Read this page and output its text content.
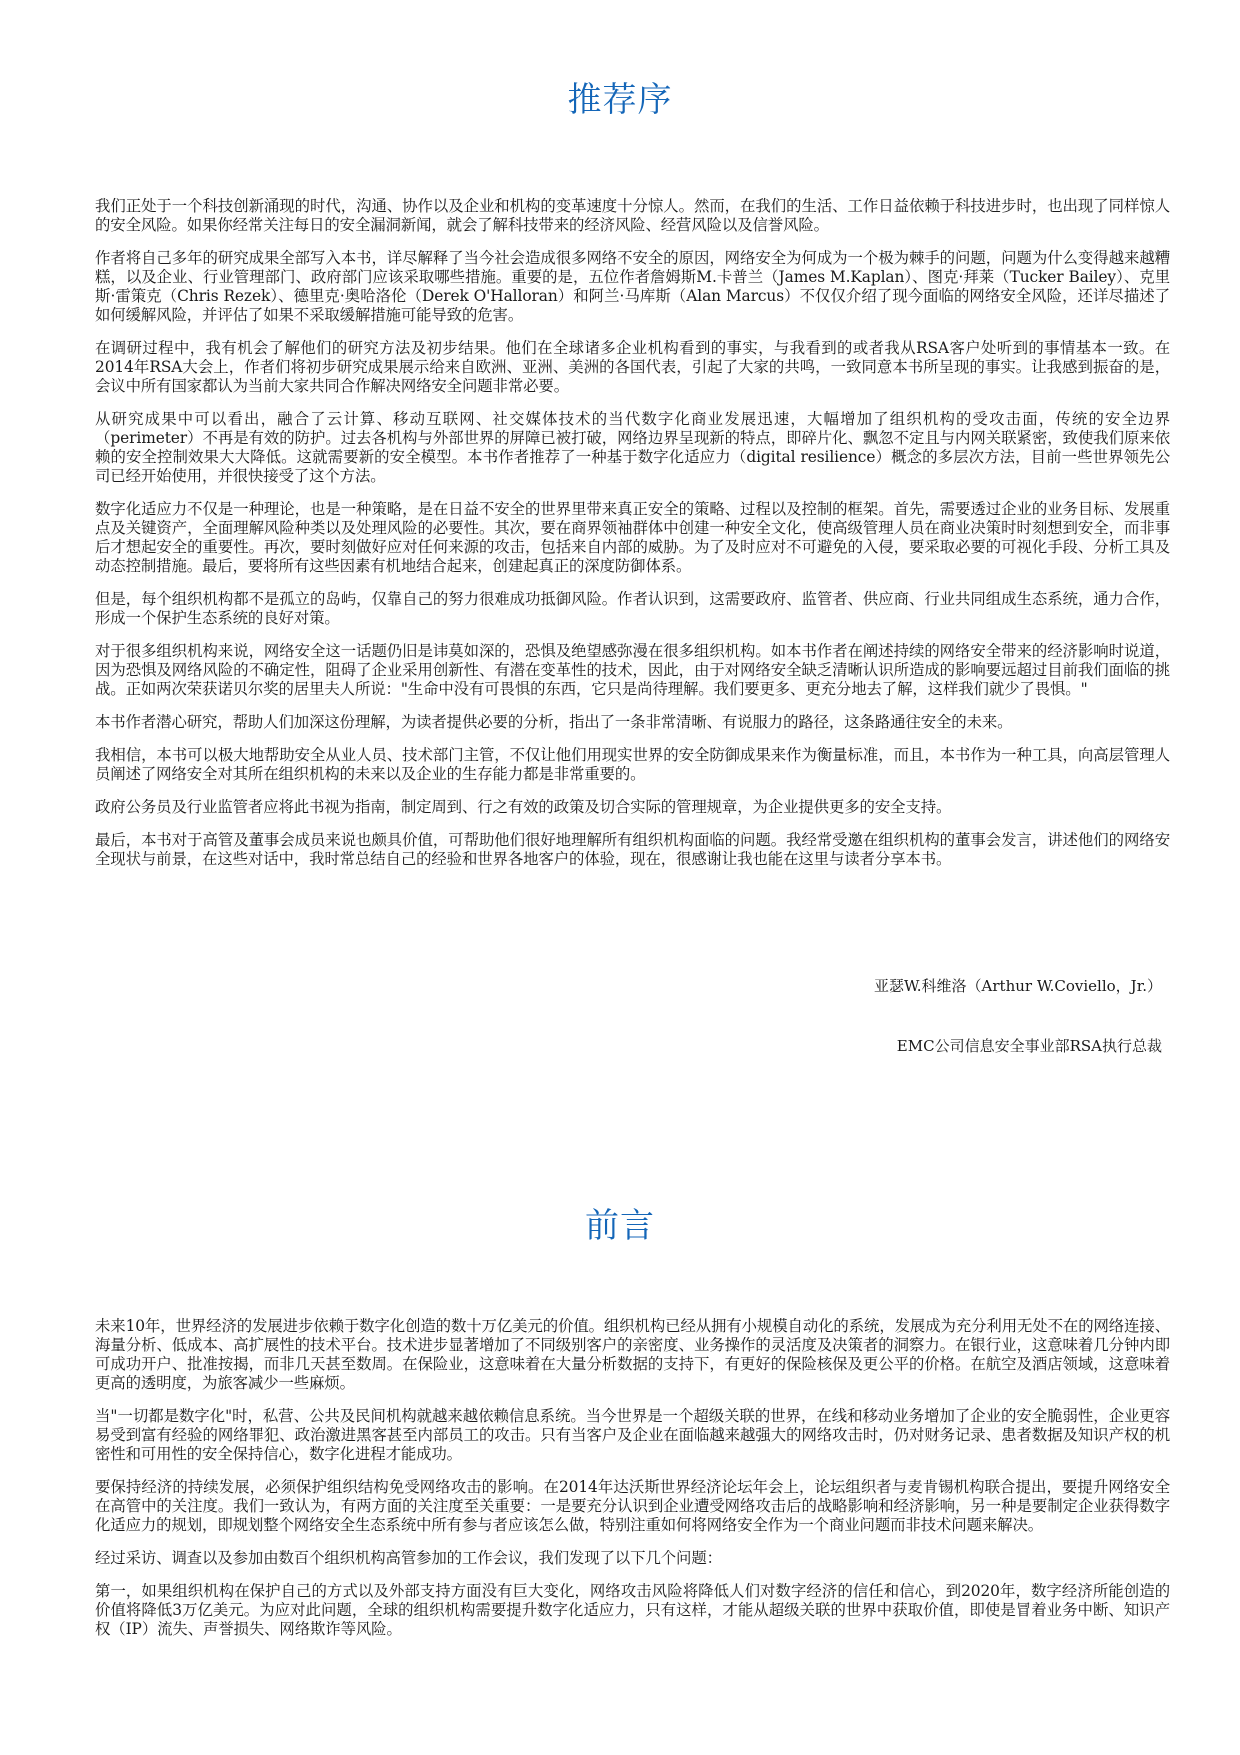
推荐序

我们正处于一个科技创新涌现的时代，沟通、协作以及企业和机构的变革速度十分惊人。然而，在我们的生活、工作日益依赖于科技进步时，也出现了同样惊人的安全风险。如果你经常关注每日的安全漏洞新闻，就会了解科技带来的经济风险、经营风险以及信誉风险。

作者将自己多年的研究成果全部写入本书，详尽解释了当今社会造成很多网络不安全的原因，网络安全为何成为一个极为棘手的问题，问题为什么变得越来越糟糕，以及企业、行业管理部门、政府部门应该采取哪些措施。重要的是，五位作者詹姆斯M.卡普兰（James M.Kaplan）、图克·拜莱（Tucker Bailey）、克里斯·雷策克（Chris Rezek）、德里克·奥哈洛伦（Derek O'Halloran）和阿兰·马库斯（Alan Marcus）不仅仅介绍了现今面临的网络安全风险，还详尽描述了如何缓解风险，并评估了如果不采取缓解措施可能导致的危害。

在调研过程中，我有机会了解他们的研究方法及初步结果。他们在全球诸多企业机构看到的事实，与我看到的或者我从RSA客户处听到的事情基本一致。在2014年RSA大会上，作者们将初步研究成果展示给来自欧洲、亚洲、美洲的各国代表，引起了大家的共鸣，一致同意本书所呈现的事实。让我感到振奋的是，会议中所有国家都认为当前大家共同合作解决网络安全问题非常必要。

从研究成果中可以看出，融合了云计算、移动互联网、社交媒体技术的当代数字化商业发展迅速，大幅增加了组织机构的受攻击面，传统的安全边界（perimeter）不再是有效的防护。过去各机构与外部世界的屏障已被打破，网络边界呈现新的特点，即碎片化、飘忽不定且与内网关联紧密，致使我们原来依赖的安全控制效果大大降低。这就需要新的安全模型。本书作者推荐了一种基于数字化适应力（digital resilience）概念的多层次方法，目前一些世界领先公司已经开始使用，并很快接受了这个方法。

数字化适应力不仅是一种理论，也是一种策略，是在日益不安全的世界里带来真正安全的策略、过程以及控制的框架。首先，需要透过企业的业务目标、发展重点及关键资产，全面理解风险种类以及处理风险的必要性。其次，要在商界领袖群体中创建一种安全文化，使高级管理人员在商业决策时时刻想到安全，而非事后才想起安全的重要性。再次，要时刻做好应对任何来源的攻击，包括来自内部的威胁。为了及时应对不可避免的入侵，要采取必要的可视化手段、分析工具及动态控制措施。最后，要将所有这些因素有机地结合起来，创建起真正的深度防御体系。

但是，每个组织机构都不是孤立的岛屿，仅靠自己的努力很难成功抵御风险。作者认识到，这需要政府、监管者、供应商、行业共同组成生态系统，通力合作，形成一个保护生态系统的良好对策。

对于很多组织机构来说，网络安全这一话题仍旧是讳莫如深的，恐惧及绝望感弥漫在很多组织机构。如本书作者在阐述持续的网络安全带来的经济影响时说道，因为恐惧及网络风险的不确定性，阻碍了企业采用创新性、有潜在变革性的技术，因此，由于对网络安全缺乏清晰认识所造成的影响要远超过目前我们面临的挑战。正如两次荣获诺贝尔奖的居里夫人所说："生命中没有可畏惧的东西，它只是尚待理解。我们要更多、更充分地去了解，这样我们就少了畏惧。"

本书作者潜心研究，帮助人们加深这份理解，为读者提供必要的分析，指出了一条非常清晰、有说服力的路径，这条路通往安全的未来。

我相信，本书可以极大地帮助安全从业人员、技术部门主管，不仅让他们用现实世界的安全防御成果来作为衡量标准，而且，本书作为一种工具，向高层管理人员阐述了网络安全对其所在组织机构的未来以及企业的生存能力都是非常重要的。

政府公务员及行业监管者应将此书视为指南，制定周到、行之有效的政策及切合实际的管理规章，为企业提供更多的安全支持。

最后，本书对于高管及董事会成员来说也颇具价值，可帮助他们很好地理解所有组织机构面临的问题。我经常受邀在组织机构的董事会发言，讲述他们的网络安全现状与前景，在这些对话中，我时常总结自己的经验和世界各地客户的体验，现在，很感谢让我也能在这里与读者分享本书。

亚瑟W.科维洛（Arthur W.Coviello，Jr.）
EMC公司信息安全事业部RSA执行总裁
前言

未来10年，世界经济的发展进步依赖于数字化创造的数十万亿美元的价值。组织机构已经从拥有小规模自动化的系统，发展成为充分利用无处不在的网络连接、海量分析、低成本、高扩展性的技术平台。技术进步显著增加了不同级别客户的亲密度、业务操作的灵活度及决策者的洞察力。在银行业，这意味着几分钟内即可成功开户、批准按揭，而非几天甚至数周。在保险业，这意味着在大量分析数据的支持下，有更好的保险核保及更公平的价格。在航空及酒店领域，这意味着更高的透明度，为旅客减少一些麻烦。

当"一切都是数字化"时，私营、公共及民间机构就越来越依赖信息系统。当今世界是一个超级关联的世界，在线和移动业务增加了企业的安全脆弱性，企业更容易受到富有经验的网络罪犯、政治激进黑客甚至内部员工的攻击。只有当客户及企业在面临越来越强大的网络攻击时，仍对财务记录、患者数据及知识产权的机密性和可用性的安全保持信心，数字化进程才能成功。

要保持经济的持续发展，必须保护组织结构免受网络攻击的影响。在2014年达沃斯世界经济论坛年会上，论坛组织者与麦肯锡机构联合提出，要提升网络安全在高管中的关注度。我们一致认为，有两方面的关注度至关重要：一是要充分认识到企业遭受网络攻击后的战略影响和经济影响，另一种是要制定企业获得数字化适应力的规划，即规划整个网络安全生态系统中所有参与者应该怎么做，特别注重如何将网络安全作为一个商业问题而非技术问题来解决。

经过采访、调查以及参加由数百个组织机构高管参加的工作会议，我们发现了以下几个问题：

第一，如果组织机构在保护自己的方式以及外部支持方面没有巨大变化，网络攻击风险将降低人们对数字经济的信任和信心，到2020年，数字经济所能创造的价值将降低3万亿美元。为应对此问题，全球的组织机构需要提升数字化适应力，只有这样，才能从超级关联的世界中获取价值，即使是冒着业务中断、知识产权（IP）流失、声誉损失、网络欺诈等风险。
